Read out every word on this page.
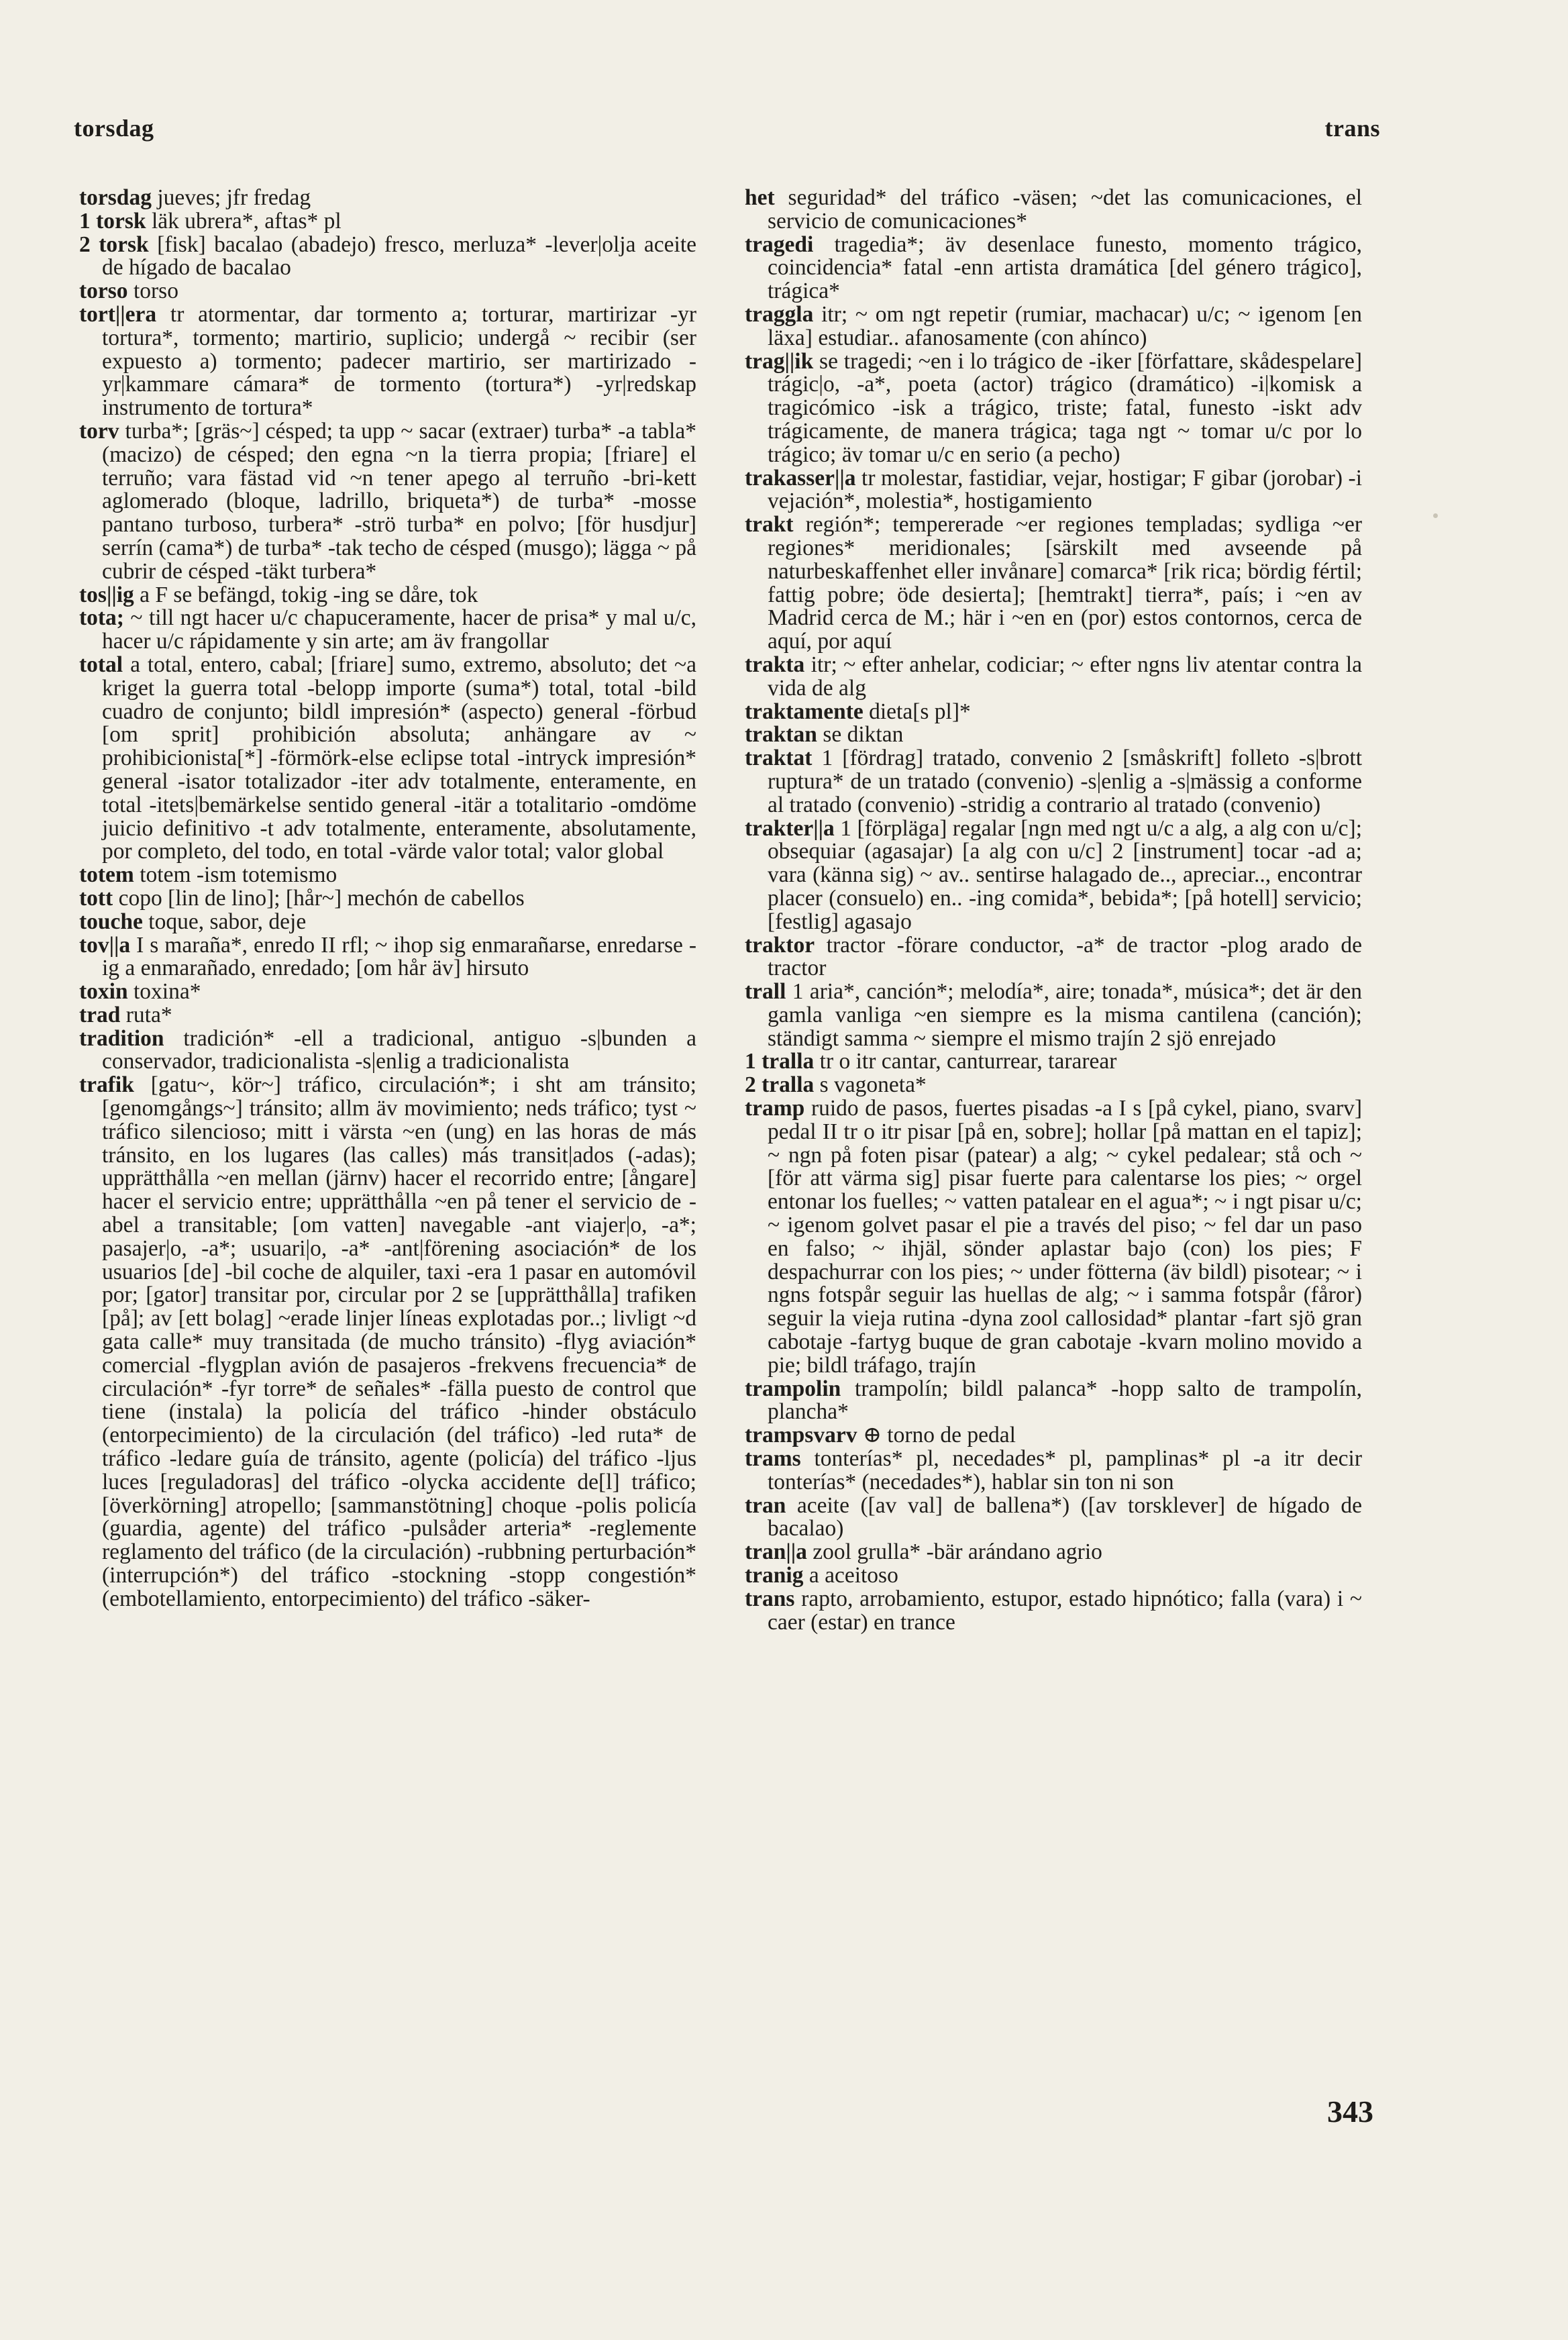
torsdag	trans

torsdag jueves; jfr fredag

1 torsk läk ubrera*, aftas* pl

2 torsk [fisk] bacalao (abadejo) fresco, merluza* -lever|olja aceite de hígado de bacalao

torso torso

tort||era tr atormentar, dar tormento a; torturar, martirizar -yr tortura*, tormento; martirio, suplicio; undergå ~ recibir (ser expuesto a) tormento; padecer martirio, ser martirizado -yr|kammare cámara* de tormento (tortura*) -yr|redskap instrumento de tortura*

torv turba*; [gräs~] césped; ta upp ~ sacar (extraer) turba* -a tabla* (macizo) de césped; den egna ~n la tierra propia; [friare] el terruño; vara fästad vid ~n tener apego al terruño -bri-kett aglomerado (bloque, ladrillo, briqueta*) de turba* -mosse pantano turboso, turbera* -strö turba* en polvo; [för husdjur] serrín (cama*) de turba* -tak techo de césped (musgo); lägga ~ på cubrir de césped -täkt turbera*

tos||ig a F se befängd, tokig -ing se dåre, tok

tota; ~ till ngt hacer u/c chapuceramente, hacer de prisa* y mal u/c, hacer u/c rápidamente y sin arte; am äv frangollar

total a total, entero, cabal; [friare] sumo, extremo, absoluto; det ~a kriget la guerra total -belopp importe (suma*) total, total -bild cuadro de conjunto; bildl impresión* (aspecto) general -förbud [om sprit] prohibición absoluta; anhängare av ~ prohibicionista[*] -förmörk-else eclipse total -intryck impresión* general -isator totalizador -iter adv totalmente, enteramente, en total -itets|bemärkelse sentido general -itär a totalitario -omdöme juicio definitivo -t adv totalmente, enteramente, absolutamente, por completo, del todo, en total -värde valor total; valor global

totem totem -ism totemismo

tott copo [lin de lino]; [hår~] mechón de cabellos

touche toque, sabor, deje

tov||a I s maraña*, enredo II rfl; ~ ihop sig enmarañarse, enredarse -ig a enmarañado, enredado; [om hår äv] hirsuto

toxin toxina*

trad ruta*

tradition tradición* -ell a tradicional, antiguo -s|bunden a conservador, tradicionalista -s|enlig a tradicionalista

trafik [gatu~, kör~] tráfico, circulación*; i sht am tránsito; [genomgångs~] tránsito; allm äv movimiento; neds tráfico; tyst ~ tráfico silencioso; mitt i värsta ~en (ung) en las horas de más tránsito, en los lugares (las calles) más transit|ados (-adas); upprätthålla ~en mellan (järnv) hacer el recorrido entre; [ångare] hacer el servicio entre; upprätthålla ~en på tener el servicio de -abel a transitable; [om vatten] navegable -ant viajer|o, -a*; pasajer|o, -a*; usuari|o, -a* -ant|förening asociación* de los usuarios [de] -bil coche de alquiler, taxi -era 1 pasar en automóvil por; [gator] transitar por, circular por 2 se [upprätthålla] trafiken [på]; av [ett bolag] ~erade linjer líneas explotadas por..; livligt ~d gata calle* muy transitada (de mucho tránsito) -flyg aviación* comercial -flygplan avión de pasajeros -frekvens frecuencia* de circulación* -fyr torre* de señales* -fälla puesto de control que tiene (instala) la policía del tráfico -hinder obstáculo (entorpecimiento) de la circulación (del tráfico) -led ruta* de tráfico -ledare guía de tránsito, agente (policía) del tráfico -ljus luces [reguladoras] del tráfico -olycka accidente de[l] tráfico; [överkörning] atropello; [sammanstötning] choque -polis policía (guardia, agente) del tráfico -pulsåder arteria* -reglemente reglamento del tráfico (de la circulación) -rubbning perturbación* (interrupción*) del tráfico -stockning -stopp congestión* (embotellamiento, entorpecimiento) del tráfico -säker-

het seguridad* del tráfico -väsen; ~det las comunicaciones, el servicio de comunicaciones*

tragedi tragedia*; äv desenlace funesto, momento trágico, coincidencia* fatal -enn artista dramática [del género trágico], trágica*

traggla itr; ~ om ngt repetir (rumiar, machacar) u/c; ~ igenom [en läxa] estudiar.. afanosamente (con ahínco)

trag||ik se tragedi; ~en i lo trágico de -iker [författare, skådespelare] trágic|o, -a*, poeta (actor) trágico (dramático) -i|komisk a tragicómico -isk a trágico, triste; fatal, funesto -iskt adv trágicamente, de manera trágica; taga ngt ~ tomar u/c por lo trágico; äv tomar u/c en serio (a pecho)

trakasser||a tr molestar, fastidiar, vejar, hostigar; F gibar (jorobar) -i vejación*, molestia*, hostigamiento

trakt región*; tempererade ~er regiones templadas; sydliga ~er regiones* meridionales; [särskilt med avseende på naturbeskaffenhet eller invånare] comarca* [rik rica; bördig fértil; fattig pobre; öde desierta]; [hemtrakt] tierra*, país; i ~en av Madrid cerca de M.; här i ~en en (por) estos contornos, cerca de aquí, por aquí

trakta itr; ~ efter anhelar, codiciar; ~ efter ngns liv atentar contra la vida de alg

traktamente dieta[s pl]*

traktan se diktan

traktat 1 [fördrag] tratado, convenio 2 [småskrift] folleto -s|brott ruptura* de un tratado (convenio) -s|enlig a -s|mässig a conforme al tratado (convenio) -stridig a contrario al tratado (convenio)

trakter||a 1 [förpläga] regalar [ngn med ngt u/c a alg, a alg con u/c]; obsequiar (agasajar) [a alg con u/c] 2 [instrument] tocar -ad a; vara (känna sig) ~ av.. sentirse halagado de.., apreciar.., encontrar placer (consuelo) en.. -ing comida*, bebida*; [på hotell] servicio; [festlig] agasajo

traktor tractor -förare conductor, -a* de tractor -plog arado de tractor

trall 1 aria*, canción*; melodía*, aire; tonada*, música*; det är den gamla vanliga ~en siempre es la misma cantilena (canción); ständigt samma ~ siempre el mismo trajín 2 sjö enrejado

1 tralla tr o itr cantar, canturrear, tararear

2 tralla s vagoneta*

tramp ruido de pasos, fuertes pisadas -a I s [på cykel, piano, svarv] pedal II tr o itr pisar [på en, sobre]; hollar [på mattan en el tapiz]; ~ ngn på foten pisar (patear) a alg; ~ cykel pedalear; stå och ~ [för att värma sig] pisar fuerte para calentarse los pies; ~ orgel entonar los fuelles; ~ vatten patalear en el agua*; ~ i ngt pisar u/c; ~ igenom golvet pasar el pie a través del piso; ~ fel dar un paso en falso; ~ ihjäl, sönder aplastar bajo (con) los pies; F despachurrar con los pies; ~ under fötterna (äv bildl) pisotear; ~ i ngns fotspår seguir las huellas de alg; ~ i samma fotspår (fåror) seguir la vieja rutina -dyna zool callosidad* plantar -fart sjö gran cabotaje -fartyg buque de gran cabotaje -kvarn molino movido a pie; bildl tráfago, trajín

trampolin trampolín; bildl palanca* -hopp salto de trampolín, plancha*

trampsvarv ⊕ torno de pedal

trams tonterías* pl, necedades* pl, pamplinas* pl -a itr decir tonterías* (necedades*), hablar sin ton ni son

tran aceite ([av val] de ballena*) ([av torsklever] de hígado de bacalao)

tran||a zool grulla* -bär arándano agrio

tranig a aceitoso

trans rapto, arrobamiento, estupor, estado hipnótico; falla (vara) i ~ caer (estar) en trance

343
